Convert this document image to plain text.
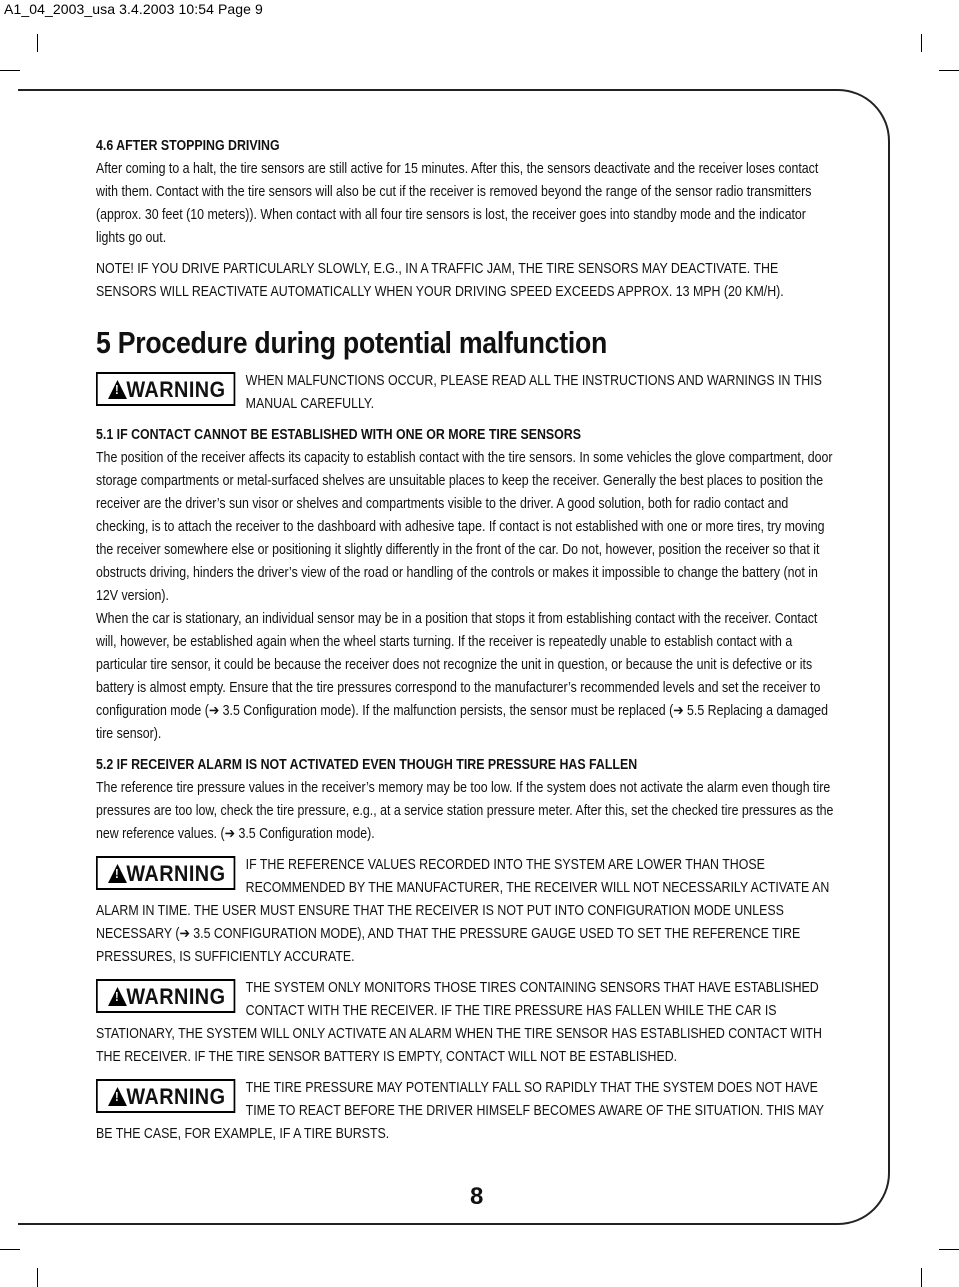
A1_04_2003_usa 3.4.2003 10:54 Page 9

4.6 AFTER STOPPING DRIVING

After coming to a halt, the tire sensors are still active for 15 minutes. After this, the sensors deactivate and the receiver loses contact with them. Contact with the tire sensors will also be cut if the receiver is removed beyond the range of the sensor radio transmitters (approx. 30 feet (10 meters)). When contact with all four tire sensors is lost, the receiver goes into standby mode and the indicator lights go out.

NOTE! IF YOU DRIVE PARTICULARLY SLOWLY, E.G., IN A TRAFFIC JAM, THE TIRE SENSORS MAY DEACTIVATE. THE SENSORS WILL REACTIVATE AUTOMATICALLY WHEN YOUR DRIVING SPEED EXCEEDS APPROX. 13 MPH (20 KM/H).

5 Procedure during potential malfunction
!
WARNING	WHEN MALFUNCTIONS OCCUR, PLEASE READ ALL THE INSTRUCTIONS AND WARNINGS IN THIS MANUAL CAREFULLY.

5.1 IF CONTACT CANNOT BE ESTABLISHED WITH ONE OR MORE TIRE SENSORS

The position of the receiver affects its capacity to establish contact with the tire sensors. In some vehicles the glove compartment, door storage compartments or metal-surfaced shelves are unsuitable places to keep the receiver. Generally the best places to position the receiver are the driver’s sun visor or shelves and compartments visible to the driver. A good solution, both for radio contact and checking, is to attach the receiver to the dashboard with adhesive tape. If contact is not established with one or more tires, try moving the receiver somewhere else or positioning it slightly differently in the front of the car. Do not, however, position the receiver so that it obstructs driving, hinders the driver’s view of the road or handling of the controls or makes it impossible to change the battery (not in 12V version).

When the car is stationary, an individual sensor may be in a position that stops it from establishing contact with the receiver. Contact will, however, be established again when the wheel starts turning. If the receiver is repeatedly unable to establish contact with a particular tire sensor, it could be because the receiver does not recognize the unit in question, or because the unit is defective or its battery is almost empty. Ensure that the tire pressures correspond to the manufacturer’s recommended levels and set the receiver to configuration mode (➔ 3.5 Configuration mode). If the malfunction persists, the sensor must be replaced (➔ 5.5 Replacing a damaged tire sensor).

5.2 IF RECEIVER ALARM IS NOT ACTIVATED EVEN THOUGH TIRE PRESSURE HAS FALLEN

The reference tire pressure values in the receiver’s memory may be too low. If the system does not activate the alarm even though tire pressures are too low, check the tire pressure, e.g., at a service station pressure meter. After this, set the checked tire pressures as the new reference values. (➔ 3.5 Configuration mode).

!
WARNING	IF THE REFERENCE VALUES RECORDED INTO THE SYSTEM ARE LOWER THAN THOSE RECOMMENDED BY THE MANUFACTURER, THE RECEIVER WILL NOT NECESSARILY ACTIVATE AN ALARM IN TIME. THE USER MUST ENSURE THAT THE RECEIVER IS NOT PUT INTO CONFIGURATION MODE UNLESS NECESSARY (➔ 3.5 CONFIGURATION MODE), AND THAT THE PRESSURE GAUGE USED TO SET THE REFERENCE TIRE PRESSURES, IS SUFFICIENTLY ACCURATE.

!
WARNING	THE SYSTEM ONLY MONITORS THOSE TIRES CONTAINING SENSORS THAT HAVE ESTABLISHED CONTACT WITH THE RECEIVER. IF THE TIRE PRESSURE HAS FALLEN WHILE THE CAR IS STATIONARY, THE SYSTEM WILL ONLY ACTIVATE AN ALARM WHEN THE TIRE SENSOR HAS ESTABLISHED CONTACT WITH THE RECEIVER. IF THE TIRE SENSOR BATTERY IS EMPTY, CONTACT WILL NOT BE ESTABLISHED.

!
WARNING	THE TIRE PRESSURE MAY POTENTIALLY FALL SO RAPIDLY THAT THE SYSTEM DOES NOT HAVE TIME TO REACT BEFORE THE DRIVER HIMSELF BECOMES AWARE OF THE SITUATION. THIS MAY BE THE CASE, FOR EXAMPLE, IF A TIRE BURSTS.

8
